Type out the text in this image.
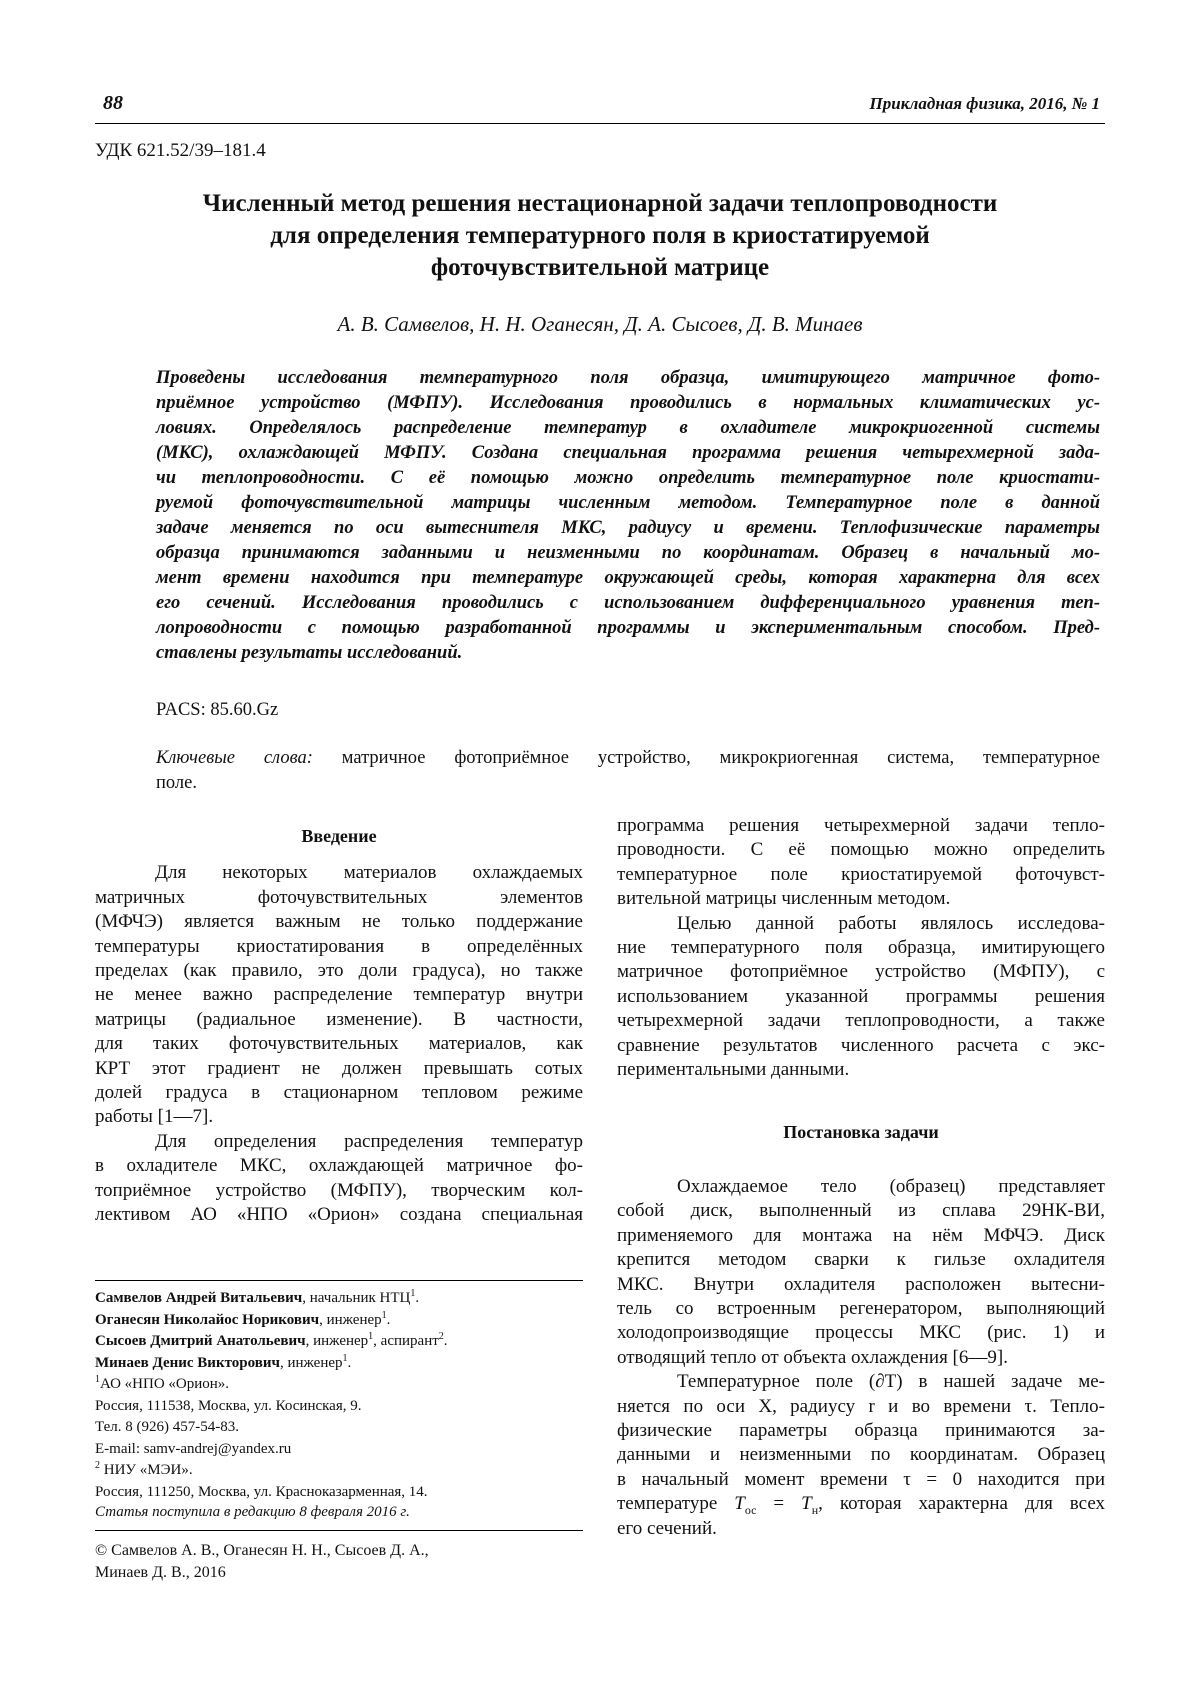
88	Прикладная физика, 2016, № 1
УДК 621.52/39–181.4
Численный метод решения нестационарной задачи теплопроводности
для определения температурного поля в криостатируемой
фоточувствительной матрице
А. В. Самвелов, Н. Н. Оганесян, Д. А. Сысоев, Д. В. Минаев
Проведены исследования температурного поля образца, имитирующего матричное фото-
приёмное устройство (МФПУ). Исследования проводились в нормальных климатических ус-
ловиях. Определялось распределение температур в охладителе микрокриогенной системы
(МКС), охлаждающей МФПУ. Создана специальная программа решения четырехмерной зада-
чи теплопроводности. С её помощью можно определить температурное поле криостати-
руемой фоточувствительной матрицы численным методом. Температурное поле в данной
задаче меняется по оси вытеснителя МКС, радиусу и времени. Теплофизические параметры
образца принимаются заданными и неизменными по координатам. Образец в начальный мо-
мент времени находится при температуре окружающей среды, которая характерна для всех
его сечений. Исследования проводились с использованием дифференциального уравнения теп-
лопроводности с помощью разработанной программы и экспериментальным способом. Пред-
ставлены результаты исследований.
PACS: 85.60.Gz
Ключевые слова: матричное фотоприёмное устройство, микрокриогенная система, температурное
поле.
Введение
Для некоторых материалов охлаждаемых
матричных фоточувствительных элементов
(МФЧЭ) является важным не только поддержание
температуры криостатирования в определённых
пределах (как правило, это доли градуса), но также
не менее важно распределение температур внутри
матрицы (радиальное изменение). В частности,
для таких фоточувствительных материалов, как
КРТ этот градиент не должен превышать сотых
долей градуса в стационарном тепловом режиме
работы [1—7].
Для определения распределения температур
в охладителе МКС, охлаждающей матричное фо-
топриёмное устройство (МФПУ), творческим кол-
лективом АО «НПО «Орион» создана специальная
Самвелов Андрей Витальевич, начальник НТЦ$^1$.
Оганесян Николайос Норикович, инженер$^1$.
Сысоев Дмитрий Анатольевич, инженер$^1$, аспирант$^2$.
Минаев Денис Викторович, инженер$^1$.
$^1$АО «НПО «Орион».
Россия, 111538, Москва, ул. Косинская, 9.
Тел. 8 (926) 457-54-83.
E-mail: samv-andrej@yandex.ru
$^2$ НИУ «МЭИ».
Россия, 111250, Москва, ул. Красноказарменная, 14.
Статья поступила в редакцию 8 февраля 2016 г.
© Самвелов А. В., Оганесян Н. Н., Сысоев Д. А.,
Минаев Д. В., 2016
программа решения четырехмерной задачи тепло-
проводности. С её помощью можно определить
температурное поле криостатируемой фоточувст-
вительной матрицы численным методом.
Целью данной работы являлось исследова-
ние температурного поля образца, имитирующего
матричное фотоприёмное устройство (МФПУ), с
использованием указанной программы решения
четырехмерной задачи теплопроводности, а также
сравнение результатов численного расчета с экс-
периментальными данными.
Постановка задачи
Охлаждаемое тело (образец) представляет
собой диск, выполненный из сплава 29НК-ВИ,
применяемого для монтажа на нём МФЧЭ. Диск
крепится методом сварки к гильзе охладителя
МКС. Внутри охладителя расположен вытесни-
тель со встроенным регенератором, выполняющий
холодопроизводящие процессы МКС (рис. 1) и
отводящий тепло от объекта охлаждения [6—9].
Температурное поле (∂T) в нашей задаче ме-
няется по оси X, радиусу r и во времени τ. Тепло-
физические параметры образца принимаются за-
данными и неизменными по координатам. Образец
в начальный момент времени τ = 0 находится при
температуре $T_{ос} = T_н$, которая характерна для всех
его сечений.
